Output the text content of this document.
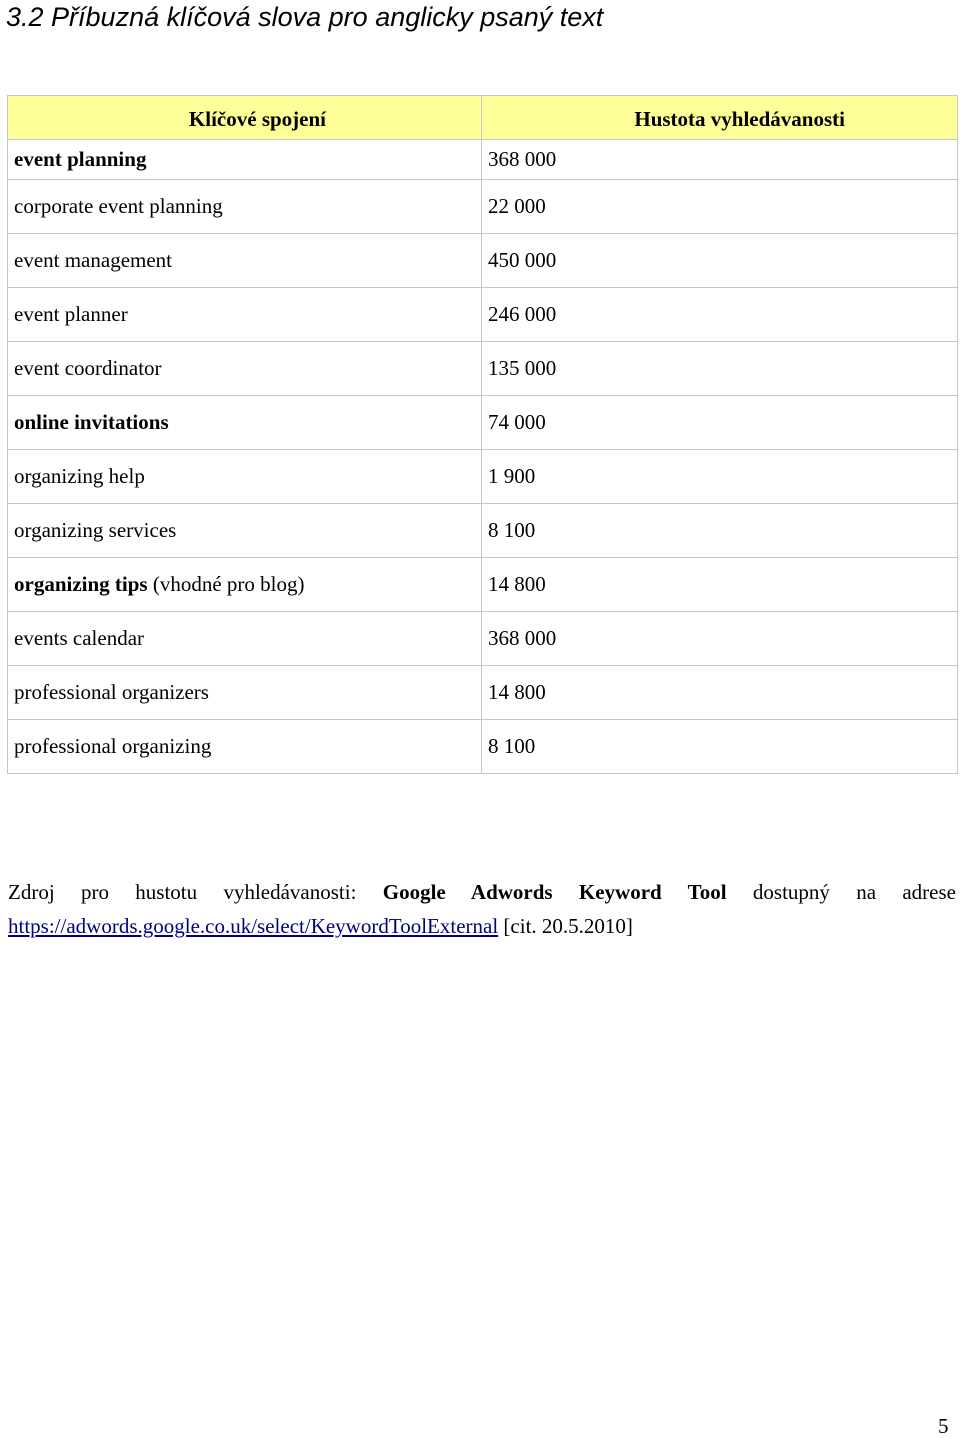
3.2 Příbuzná klíčová slova pro anglicky psaný text
Klíčové spojení	Hustota vyhledávanosti
event planning	368 000
corporate event planning	22 000
event management	450 000
event planner	246 000
event coordinator	135 000
online invitations	74 000
organizing help	1 900
organizing services	8 100
organizing tips (vhodné pro blog)	14 800
events calendar	368 000
professional organizers	14 800
professional organizing	8 100
Zdroj pro hustotu vyhledávanosti: Google Adwords Keyword Tool dostupný na adrese
https://adwords.google.co.uk/select/KeywordToolExternal [cit. 20.5.2010]
5
